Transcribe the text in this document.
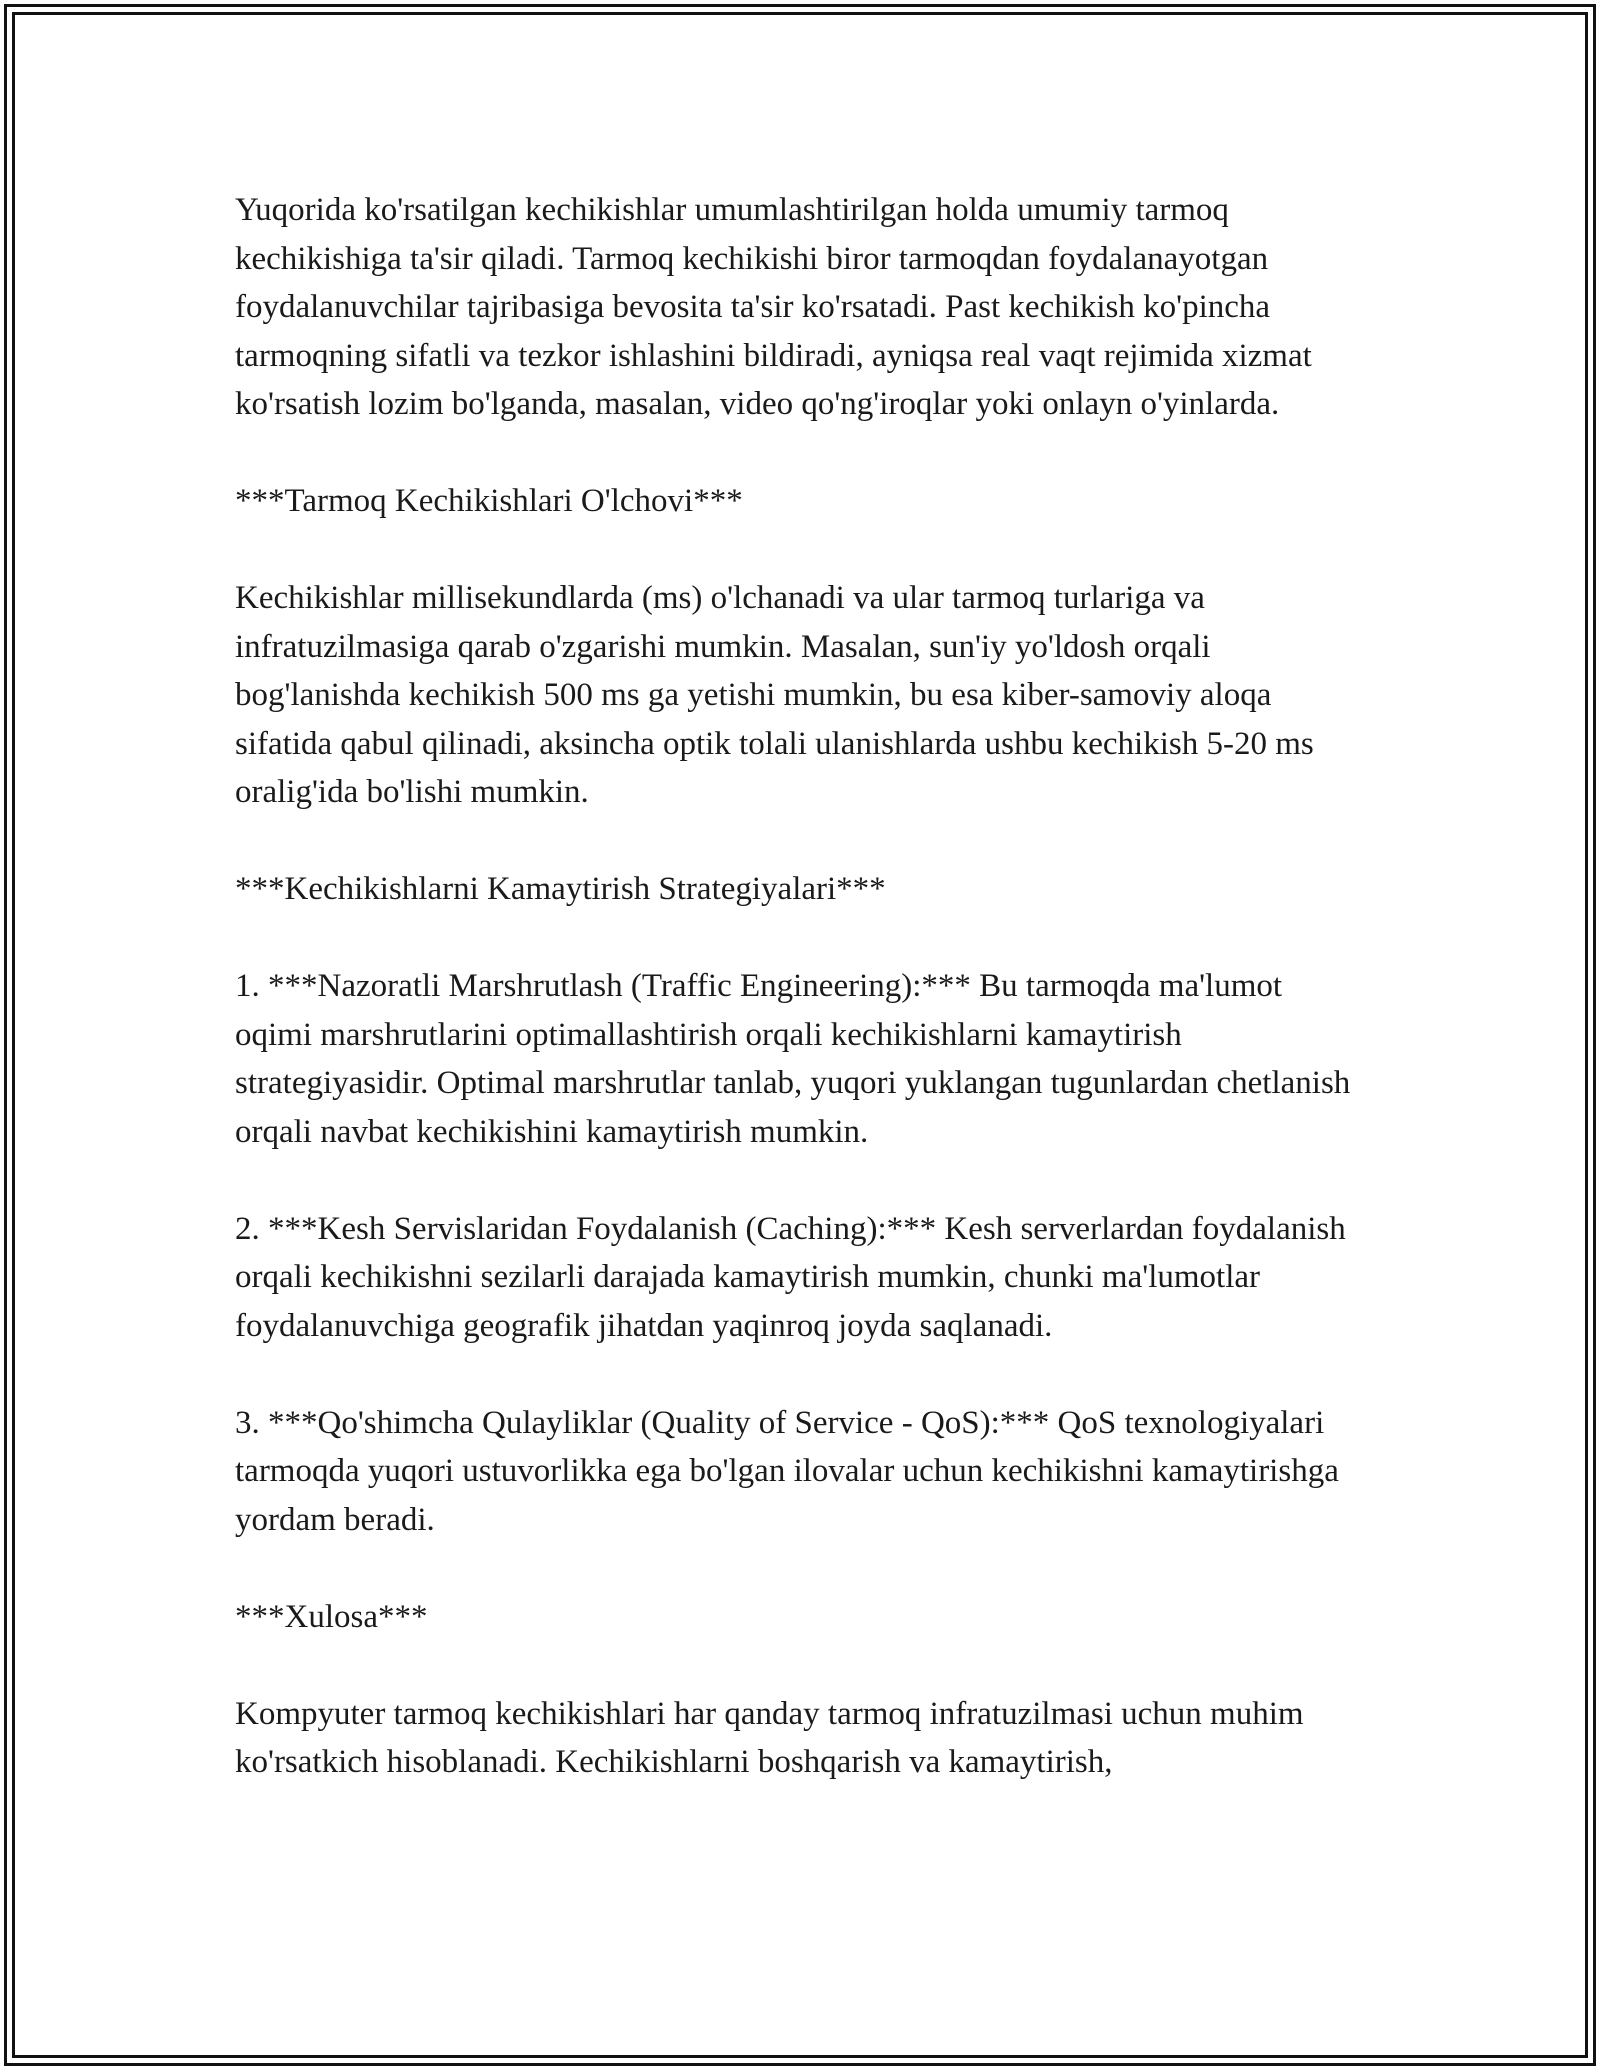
Yuqorida ko'rsatilgan kechikishlar umumlashtirilgan holda umumiy tarmoq kechikishiga ta'sir qiladi. Tarmoq kechikishi biror tarmoqdan foydalanayotgan foydalanuvchilar tajribasiga bevosita ta'sir ko'rsatadi. Past kechikish ko'pincha tarmoqning sifatli va tezkor ishlashini bildiradi, ayniqsa real vaqt rejimida xizmat ko'rsatish lozim bo'lganda, masalan, video qo'ng'iroqlar yoki onlayn o'yinlarda.

***Tarmoq Kechikishlari O'lchovi***

Kechikishlar millisekundlarda (ms) o'lchanadi va ular tarmoq turlariga va infratuzilmasiga qarab o'zgarishi mumkin. Masalan, sun'iy yo'ldosh orqali bog'lanishda kechikish 500 ms ga yetishi mumkin, bu esa kiber-samoviy aloqa sifatida qabul qilinadi, aksincha optik tolali ulanishlarda ushbu kechikish 5-20 ms oralig'ida bo'lishi mumkin.

***Kechikishlarni Kamaytirish Strategiyalari***

1. ***Nazoratli Marshrutlash (Traffic Engineering):*** Bu tarmoqda ma'lumot oqimi marshrutlarini optimallashtirish orqali kechikishlarni kamaytirish strategiyasidir. Optimal marshrutlar tanlab, yuqori yuklangan tugunlardan chetlanish orqali navbat kechikishini kamaytirish mumkin.

2. ***Kesh Servislaridan Foydalanish (Caching):*** Kesh serverlardan foydalanish orqali kechikishni sezilarli darajada kamaytirish mumkin, chunki ma'lumotlar foydalanuvchiga geografik jihatdan yaqinroq joyda saqlanadi.

3. ***Qo'shimcha Qulayliklar (Quality of Service - QoS):*** QoS texnologiyalari tarmoqda yuqori ustuvorlikka ega bo'lgan ilovalar uchun kechikishni kamaytirishga yordam beradi.

***Xulosa***

Kompyuter tarmoq kechikishlari har qanday tarmoq infratuzilmasi uchun muhim ko'rsatkich hisoblanadi. Kechikishlarni boshqarish va kamaytirish,
